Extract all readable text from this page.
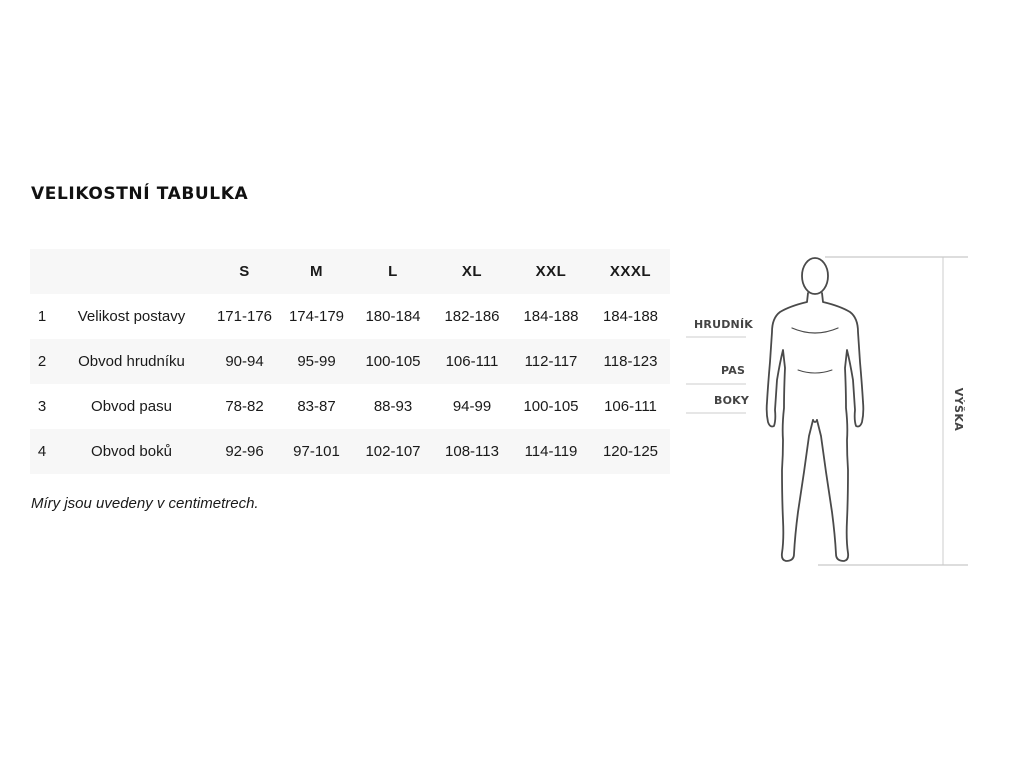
VELIKOSTNÍ TABULKA
		S	M	L	XL	XXL	XXXL
1	Velikost postavy	171-176	174-179	180-184	182-186	184-188	184-188
2	Obvod hrudníku	90-94	95-99	100-105	106-111	112-117	118-123
3	Obvod pasu	78-82	83-87	88-93	94-99	100-105	106-111
4	Obvod boků	92-96	97-101	102-107	108-113	114-119	120-125
Míry jsou uvedeny v centimetrech.
HRUDNÍK
PAS
BOKY	VÝŠKA
